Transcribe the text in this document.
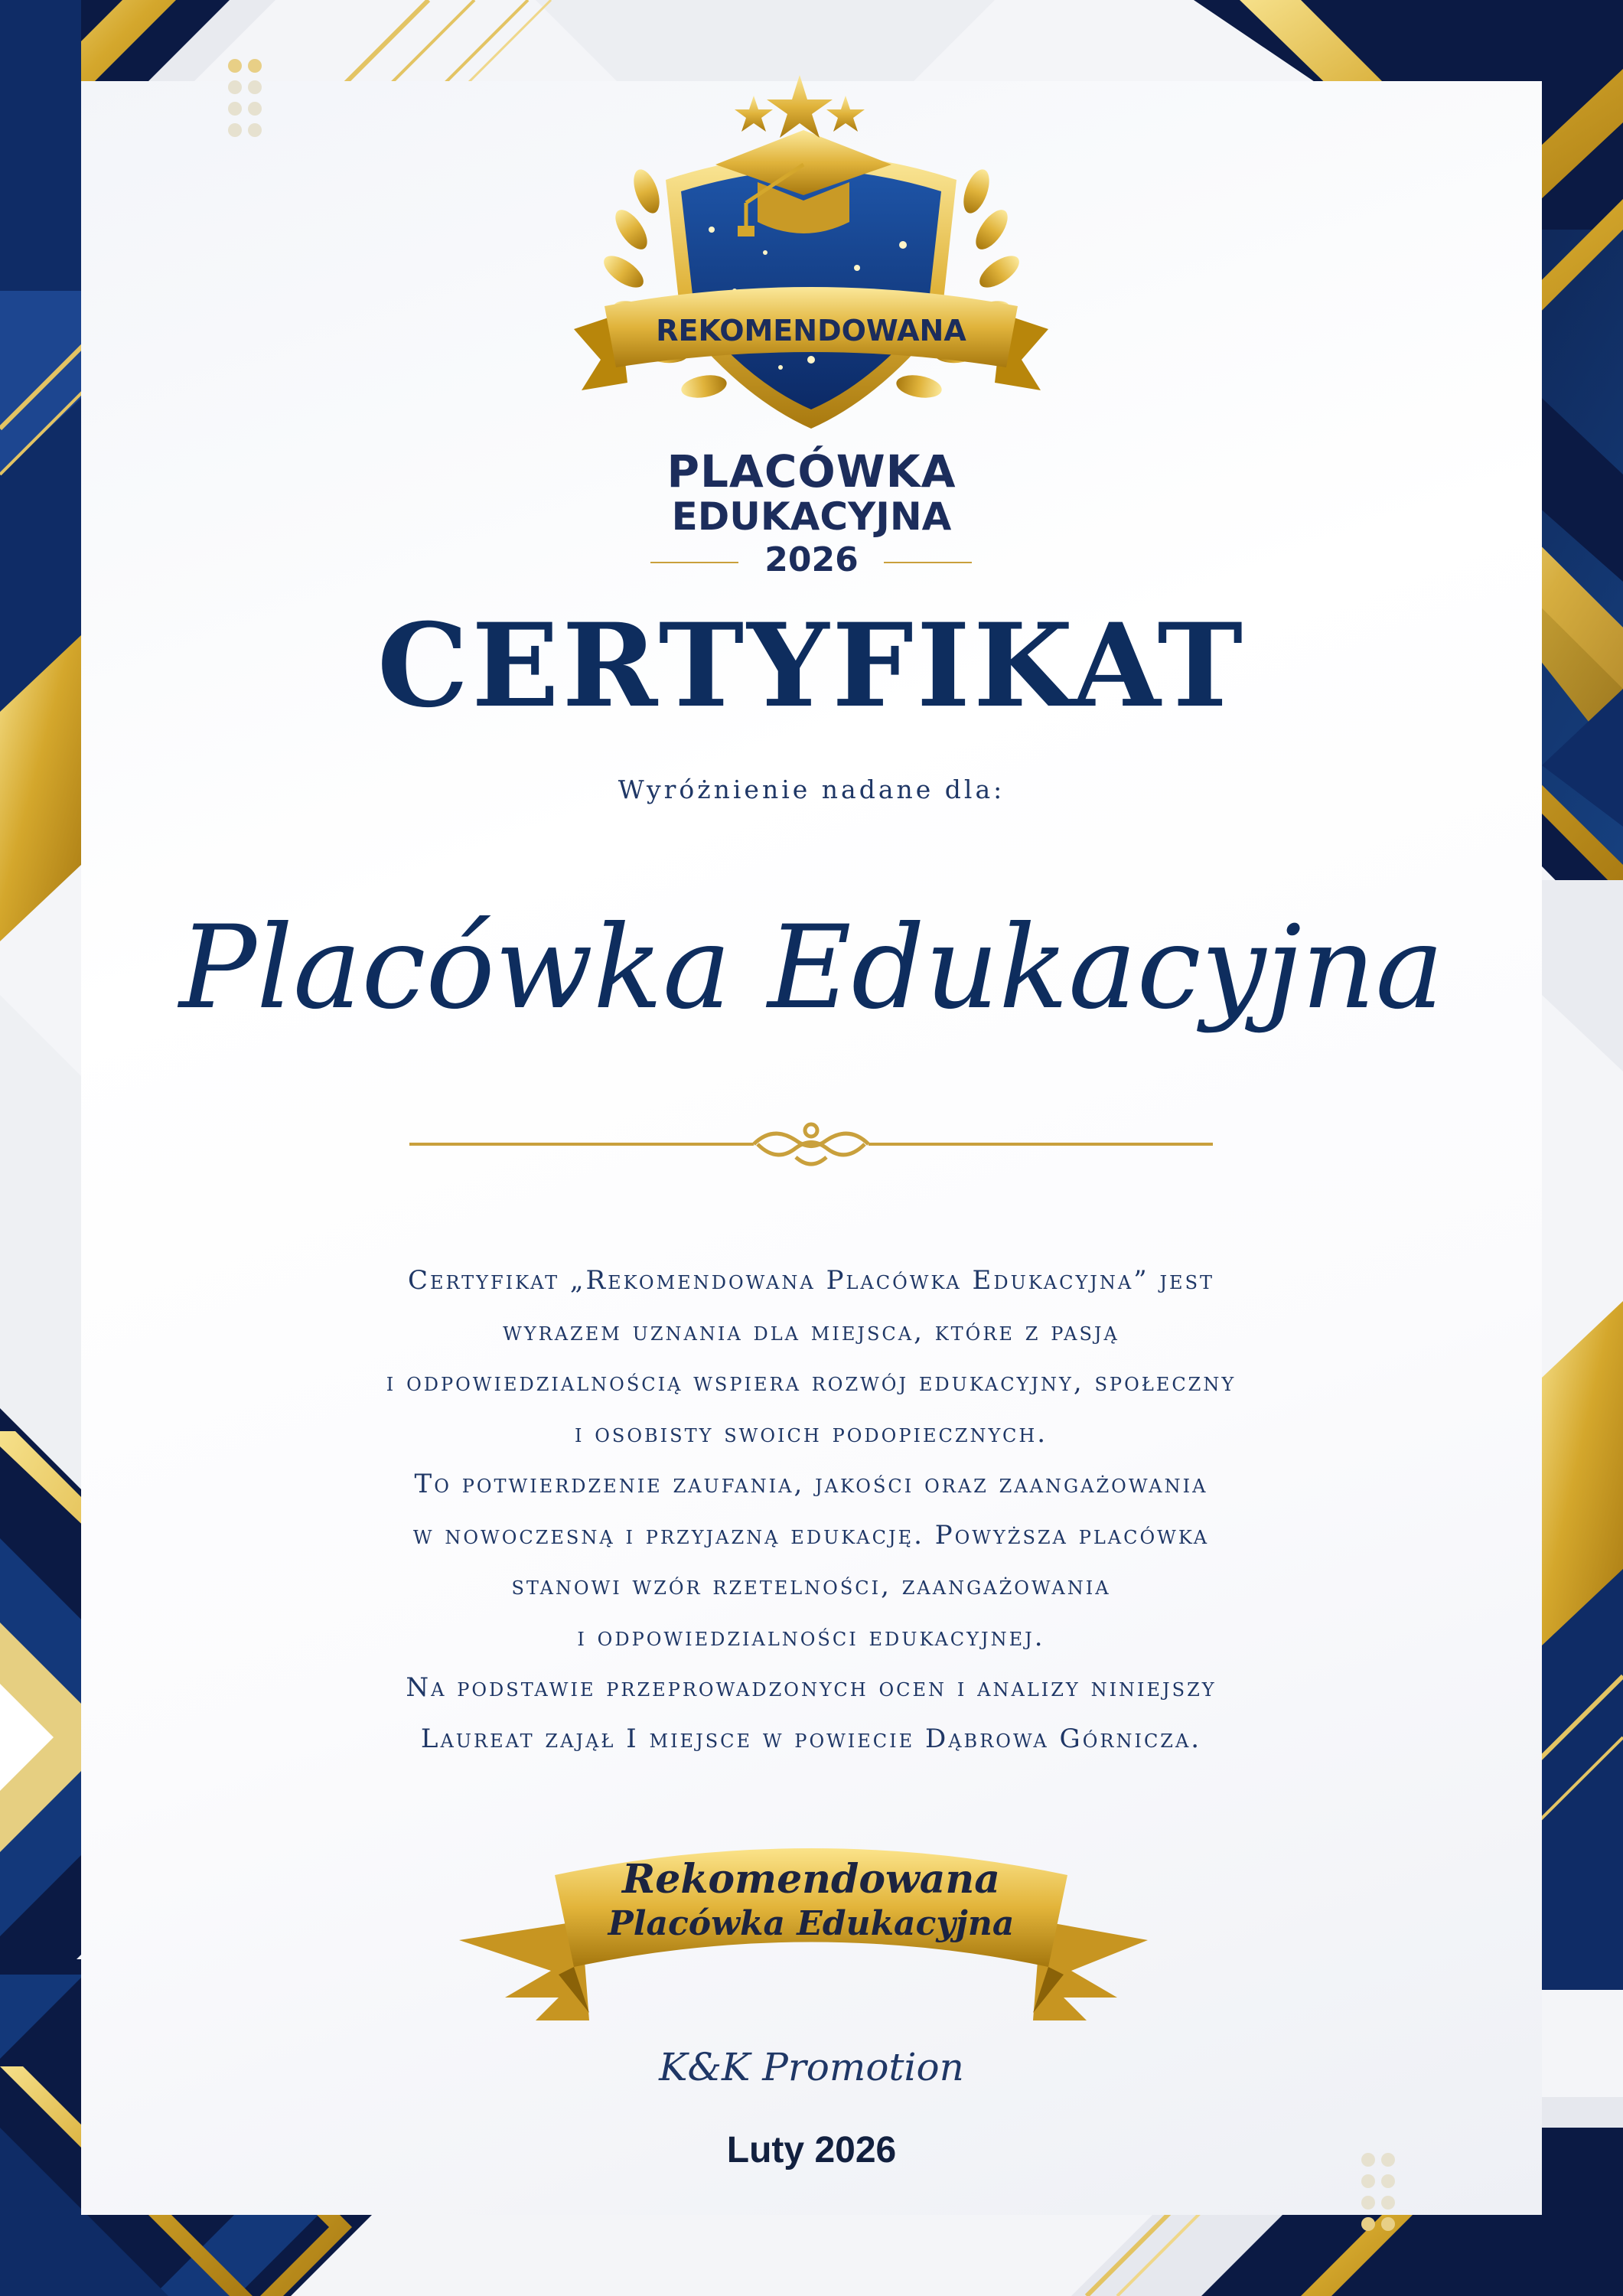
REKOMENDOWANA
PLACÓWKA
EDUKACYJNA
2026
CERTYFIKAT
Wyróżnienie nadane dla:
Placówka Edukacyjna
Certyfikat „Rekomendowana Placówka Edukacyjna” jest
wyrazem uznania dla miejsca, które z pasją
i odpowiedzialnością wspiera rozwój edukacyjny, społeczny
i osobisty swoich podopiecznych.
To potwierdzenie zaufania, jakości oraz zaangażowania
w nowoczesną i przyjazną edukację. Powyższa placówka
stanowi wzór rzetelności, zaangażowania
i odpowiedzialności edukacyjnej.
Na podstawie przeprowadzonych ocen i analizy niniejszy
Laureat zajął I miejsce w powiecie Dąbrowa Górnicza.
Rekomendowana
Placówka Edukacyjna
K&K Promotion
Luty 2026
